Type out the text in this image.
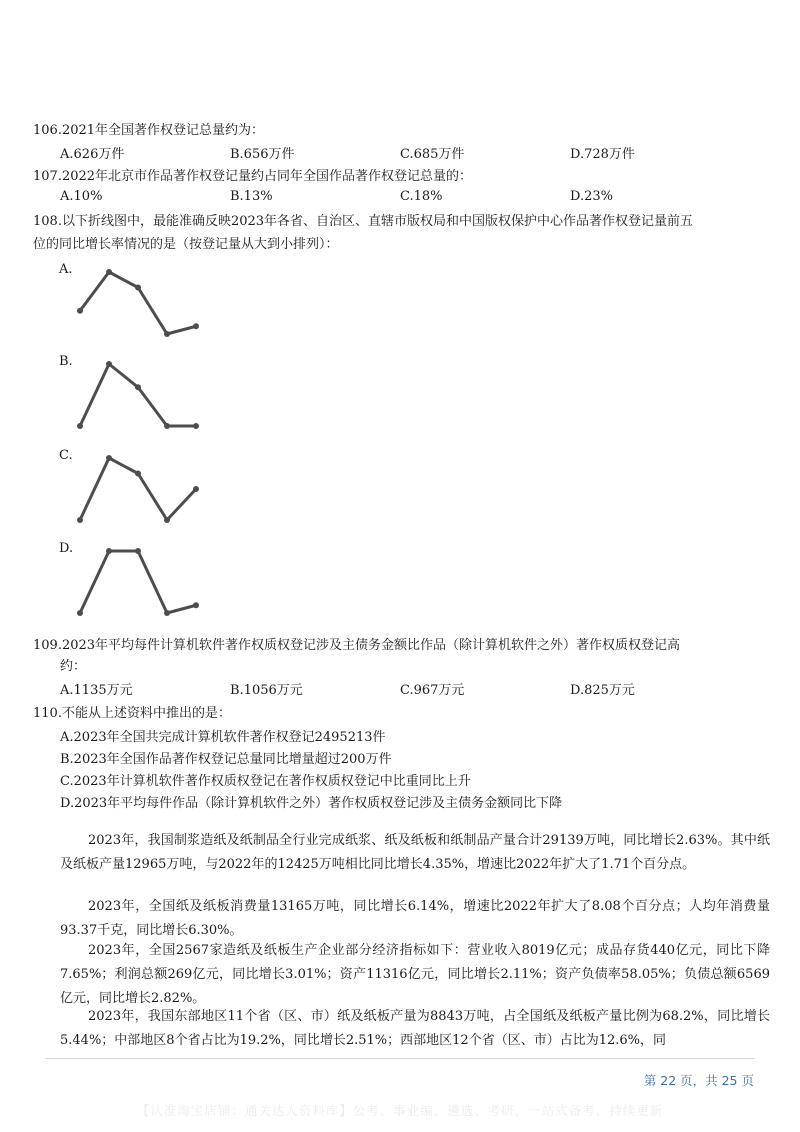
106.2021年全国著作权登记总量约为：
A.626万件	B.656万件	C.685万件	D.728万件
107.2022年北京市作品著作权登记量约占同年全国作品著作权登记总量的：
A.10%	B.13%	C.18%	D.23%
108.以下折线图中，最能准确反映2023年各省、自治区、直辖市版权局和中国版权保护中心作品著作权登记量前五
位的同比增长率情况的是（按登记量从大到小排列）：
A.
B.
C.
D.
109.2023年平均每件计算机软件著作权质权登记涉及主债务金额比作品（除计算机软件之外）著作权质权登记高
约：
A.1135万元	B.1056万元	C.967万元	D.825万元
110.不能从上述资料中推出的是：
A.2023年全国共完成计算机软件著作权登记2495213件
B.2023年全国作品著作权登记总量同比增量超过200万件
C.2023年计算机软件著作权质权登记在著作权质权登记中比重同比上升
D.2023年平均每件作品（除计算机软件之外）著作权质权登记涉及主债务金额同比下降
2023年，我国制浆造纸及纸制品全行业完成纸浆、纸及纸板和纸制品产量合计29139万吨，同比增长2.63%。其中纸及纸板产量12965万吨，与2022年的12425万吨相比同比增长4.35%，增速比2022年扩大了1.71个百分点。
2023年，全国纸及纸板消费量13165万吨，同比增长6.14%，增速比2022年扩大了8.08个百分点；人均年消费量93.37千克，同比增长6.30%。
2023年，全国2567家造纸及纸板生产企业部分经济指标如下：营业收入8019亿元；成品存货440亿元，同比下降7.65%；利润总额269亿元，同比增长3.01%；资产11316亿元，同比增长2.11%；资产负债率58.05%；负债总额6569亿元，同比增长2.82%。
2023年，我国东部地区11个省（区、市）纸及纸板产量为8843万吨，占全国纸及纸板产量比例为68.2%，同比增长5.44%；中部地区8个省占比为19.2%，同比增长2.51%；西部地区12个省（区、市）占比为12.6%，同
第 22 页，共 25 页
【认准淘宝店铺：通关达人资料库】公考、事业编、遴选、考研，一站式备考，持续更新
